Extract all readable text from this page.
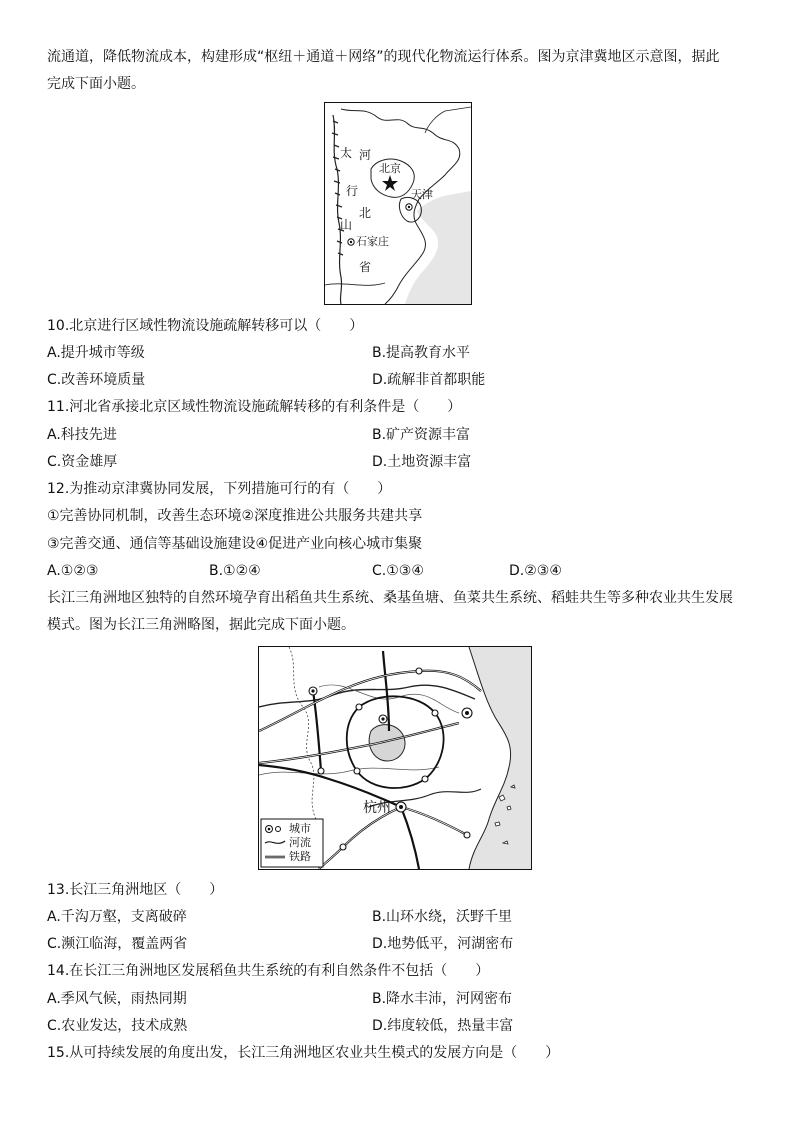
流通道，降低物流成本，构建形成“枢纽＋通道＋网络”的现代化物流运行体系。图为京津冀地区示意图，据此
完成下面小题。
太
行
山
河
北
省
北京
天津
石家庄
10.北京进行区域性物流设施疏解转移可以（　　）
A.提升城市等级	B.提高教育水平
C.改善环境质量	D.疏解非首都职能
11.河北省承接北京区域性物流设施疏解转移的有利条件是（　　）
A.科技先进	B.矿产资源丰富
C.资金雄厚	D.土地资源丰富
12.为推动京津冀协同发展，下列措施可行的有（　　）
①完善协同机制，改善生态环境②深度推进公共服务共建共享
③完善交通、通信等基础设施建设④促进产业向核心城市集聚
A.①②③	B.①②④	C.①③④	D.②③④
长江三角洲地区独特的自然环境孕育出稻鱼共生系统、桑基鱼塘、鱼菜共生系统、稻蛙共生等多种农业共生发展
模式。图为长江三角洲略图，据此完成下面小题。
杭州
城市
河流
铁路
13.长江三角洲地区（　　）
A.千沟万壑，支离破碎	B.山环水绕，沃野千里
C.濒江临海，覆盖两省	D.地势低平，河湖密布
14.在长江三角洲地区发展稻鱼共生系统的有利自然条件不包括（　　）
A.季风气候，雨热同期	B.降水丰沛，河网密布
C.农业发达，技术成熟	D.纬度较低，热量丰富
15.从可持续发展的角度出发，长江三角洲地区农业共生模式的发展方向是（　　）
